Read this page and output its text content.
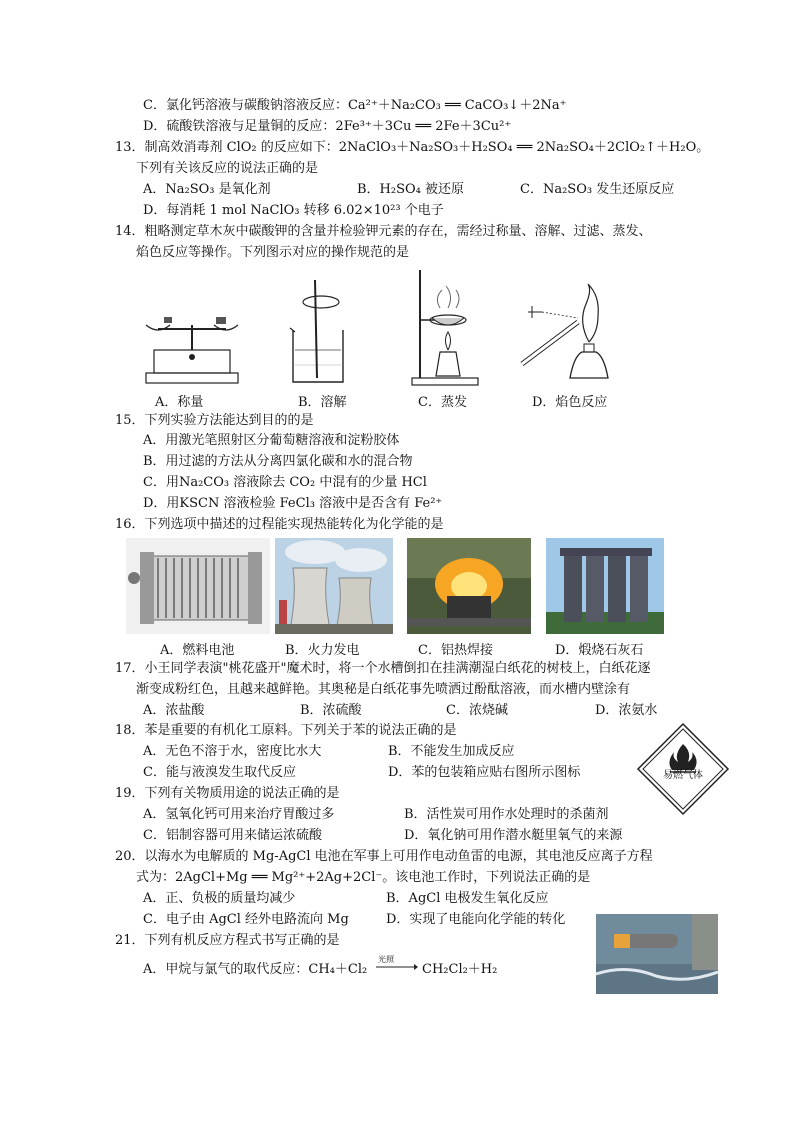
C．氯化钙溶液与碳酸钠溶液反应：Ca²⁺＋Na₂CO₃ ══ CaCO₃↓＋2Na⁺
D．硫酸铁溶液与足量铜的反应：2Fe³⁺＋3Cu ══ 2Fe＋3Cu²⁺
13．制高效消毒剂 ClO₂ 的反应如下：2NaClO₃＋Na₂SO₃＋H₂SO₄ ══ 2Na₂SO₄＋2ClO₂↑＋H₂O。
下列有关该反应的说法正确的是
A．Na₂SO₃ 是氧化剂	B．H₂SO₄ 被还原	C．Na₂SO₃ 发生还原反应
D．每消耗 1 mol NaClO₃ 转移 6.02×10²³ 个电子
14．粗略测定草木灰中碳酸钾的含量并检验钾元素的存在，需经过称量、溶解、过滤、蒸发、
焰色反应等操作。下列图示对应的操作规范的是
A．称量	B．溶解	C．蒸发	D．焰色反应
15．下列实验方法能达到目的的是
A．用激光笔照射区分葡萄糖溶液和淀粉胶体
B．用过滤的方法从分离四氯化碳和水的混合物
C．用Na₂CO₃ 溶液除去 CO₂ 中混有的少量 HCl
D．用KSCN 溶液检验 FeCl₃ 溶液中是否含有 Fe²⁺
16．下列选项中描述的过程能实现热能转化为化学能的是
A．燃料电池	B．火力发电	C．铝热焊接	D．煅烧石灰石
17．小王同学表演"桃花盛开"魔术时，将一个水槽倒扣在挂满潮湿白纸花的树枝上，白纸花逐
渐变成粉红色，且越来越鲜艳。其奥秘是白纸花事先喷洒过酚酞溶液，而水槽内壁涂有
A．浓盐酸	B．浓硫酸	C．浓烧碱	D．浓氨水
18．苯是重要的有机化工原料。下列关于苯的说法正确的是
A．无色不溶于水，密度比水大	B．不能发生加成反应
C．能与液溴发生取代反应	D．苯的包装箱应贴右图所示图标	易燃气体
19．下列有关物质用途的说法正确的是
A．氢氧化钙可用来治疗胃酸过多	B．活性炭可用作水处理时的杀菌剂
C．铝制容器可用来储运浓硫酸	D．氧化钠可用作潜水艇里氧气的来源
20．以海水为电解质的 Mg-AgCl 电池在军事上可用作电动鱼雷的电源，其电池反应离子方程
式为：2AgCl+Mg ══ Mg²⁺+2Ag+2Cl⁻。该电池工作时，下列说法正确的是
A．正、负极的质量均减少	B．AgCl 电极发生氧化反应
C．电子由 AgCl 经外电路流向 Mg	D．实现了电能向化学能的转化
21．下列有机反应方程式书写正确的是
A．甲烷与氯气的取代反应：CH₄＋Cl₂
光照
→ CH₂Cl₂＋H₂
